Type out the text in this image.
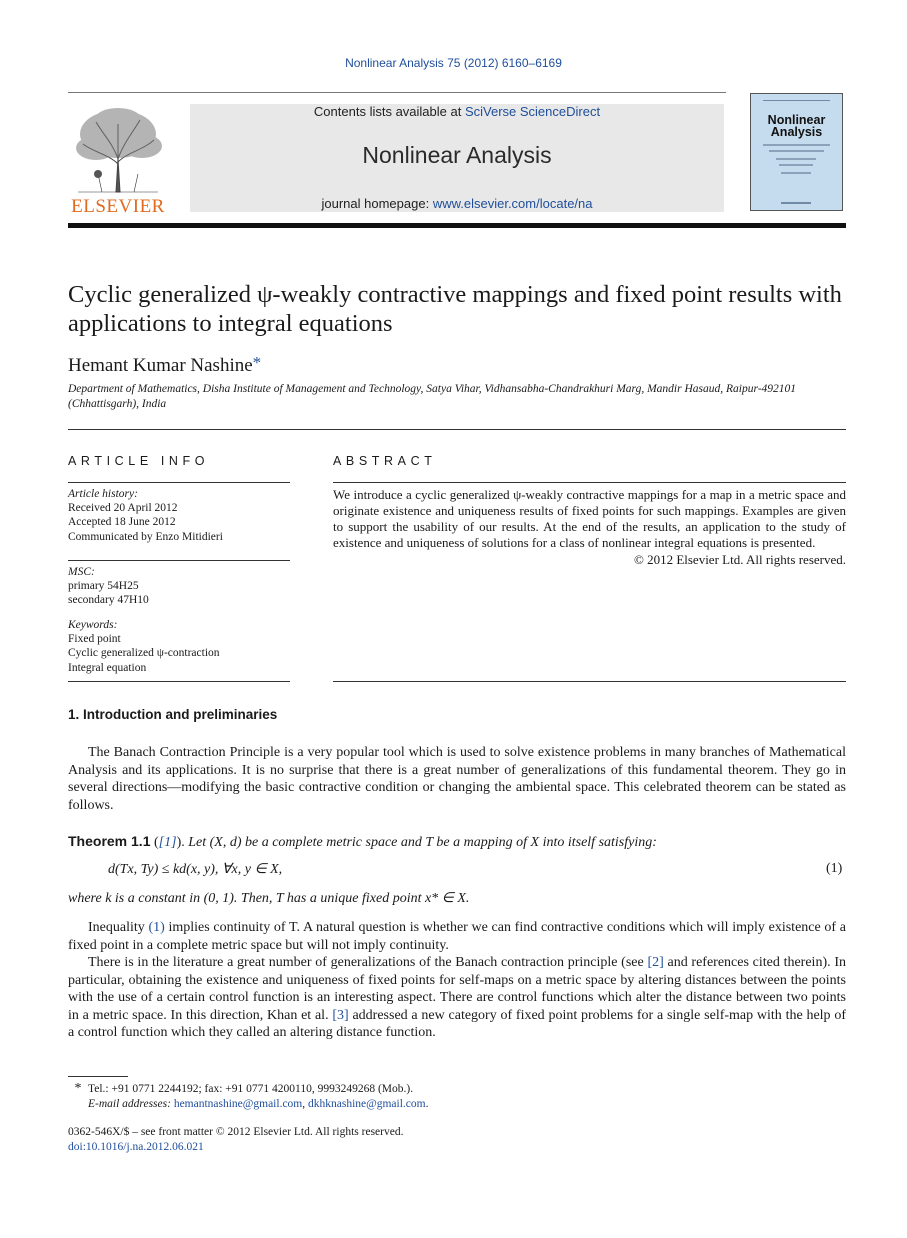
Nonlinear Analysis 75 (2012) 6160–6169
ELSEVIER
Contents lists available at SciVerse ScienceDirect
Nonlinear Analysis
journal homepage: www.elsevier.com/locate/na
Nonlinear Analysis
Cyclic generalized ψ-weakly contractive mappings and fixed point results with applications to integral equations
Hemant Kumar Nashine*
Department of Mathematics, Disha Institute of Management and Technology, Satya Vihar, Vidhansabha-Chandrakhuri Marg, Mandir Hasaud, Raipur-492101 (Chhattisgarh), India
ARTICLE INFO	ABSTRACT
Article history:
Received 20 April 2012
Accepted 18 June 2012
Communicated by Enzo Mitidieri
MSC:
primary 54H25
secondary 47H10
Keywords:
Fixed point
Cyclic generalized ψ-contraction
Integral equation
We introduce a cyclic generalized ψ-weakly contractive mappings for a map in a metric space and originate existence and uniqueness results of fixed points for such mappings. Examples are given to support the usability of our results. At the end of the results, an application to the study of existence and uniqueness of solutions for a class of nonlinear integral equations is presented.
© 2012 Elsevier Ltd. All rights reserved.
1. Introduction and preliminaries
The Banach Contraction Principle is a very popular tool which is used to solve existence problems in many branches of Mathematical Analysis and its applications. It is no surprise that there is a great number of generalizations of this fundamental theorem. They go in several directions—modifying the basic contractive condition or changing the ambiental space. This celebrated theorem can be stated as follows.
Theorem 1.1 ([1]). Let (X, d) be a complete metric space and T be a mapping of X into itself satisfying:
d(Tx, Ty) ≤ kd(x, y), ∀x, y ∈ X,	(1)
where k is a constant in (0, 1). Then, T has a unique fixed point x* ∈ X.
Inequality (1) implies continuity of T. A natural question is whether we can find contractive conditions which will imply existence of a fixed point in a complete metric space but will not imply continuity.
There is in the literature a great number of generalizations of the Banach contraction principle (see [2] and references cited therein). In particular, obtaining the existence and uniqueness of fixed points for self-maps on a metric space by altering distances between the points with the use of a certain control function is an interesting aspect. There are control functions which alter the distance between two points in a metric space. In this direction, Khan et al. [3] addressed a new category of fixed point problems for a single self-map with the help of a control function which they called an altering distance function.
* Tel.: +91 0771 2244192; fax: +91 0771 4200110, 9993249268 (Mob.).
E-mail addresses: hemantnashine@gmail.com, dkhknashine@gmail.com.
0362-546X/$ – see front matter © 2012 Elsevier Ltd. All rights reserved.
doi:10.1016/j.na.2012.06.021
